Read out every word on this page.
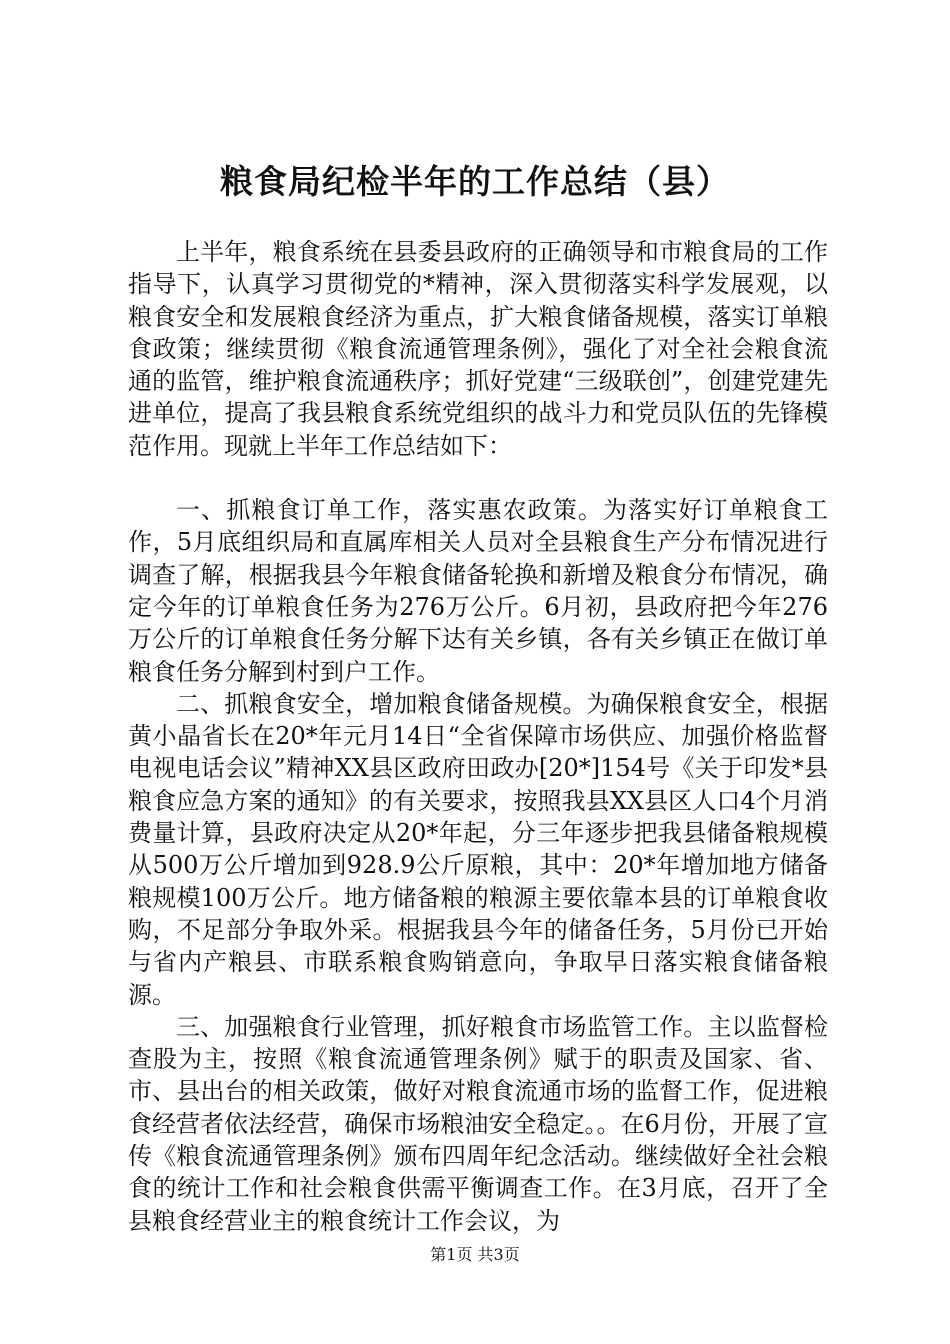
粮食局纪检半年的工作总结（县）

上半年，粮食系统在县委县政府的正确领导和市粮食局的工作指导下，认真学习贯彻党的*精神，深入贯彻落实科学发展观，以粮食安全和发展粮食经济为重点，扩大粮食储备规模，落实订单粮食政策；继续贯彻《粮食流通管理条例》，强化了对全社会粮食流通的监管，维护粮食流通秩序；抓好党建“三级联创”，创建党建先进单位，提高了我县粮食系统党组织的战斗力和党员队伍的先锋模范作用。现就上半年工作总结如下：

一、抓粮食订单工作，落实惠农政策。为落实好订单粮食工作，5月底组织局和直属库相关人员对全县粮食生产分布情况进行调查了解，根据我县今年粮食储备轮换和新增及粮食分布情况，确定今年的订单粮食任务为276万公斤。6月初，县政府把今年276万公斤的订单粮食任务分解下达有关乡镇，各有关乡镇正在做订单粮食任务分解到村到户工作。

二、抓粮食安全，增加粮食储备规模。为确保粮食安全，根据黄小晶省长在20*年元月14日“全省保障市场供应、加强价格监督电视电话会议”精神XX县区政府田政办[20*]154号《关于印发*县粮食应急方案的通知》的有关要求，按照我县XX县区人口4个月消费量计算，县政府决定从20*年起，分三年逐步把我县储备粮规模从500万公斤增加到928.9公斤原粮，其中：20*年增加地方储备粮规模100万公斤。地方储备粮的粮源主要依靠本县的订单粮食收购，不足部分争取外采。根据我县今年的储备任务，5月份已开始与省内产粮县、市联系粮食购销意向，争取早日落实粮食储备粮源。

三、加强粮食行业管理，抓好粮食市场监管工作。主以监督检查股为主，按照《粮食流通管理条例》赋于的职责及国家、省、市、县出台的相关政策，做好对粮食流通市场的监督工作，促进粮食经营者依法经营，确保市场粮油安全稳定。。在6月份，开展了宣传《粮食流通管理条例》颁布四周年纪念活动。继续做好全社会粮食的统计工作和社会粮食供需平衡调查工作。在3月底，召开了全县粮食经营业主的粮食统计工作会议，为

第1页 共3页
